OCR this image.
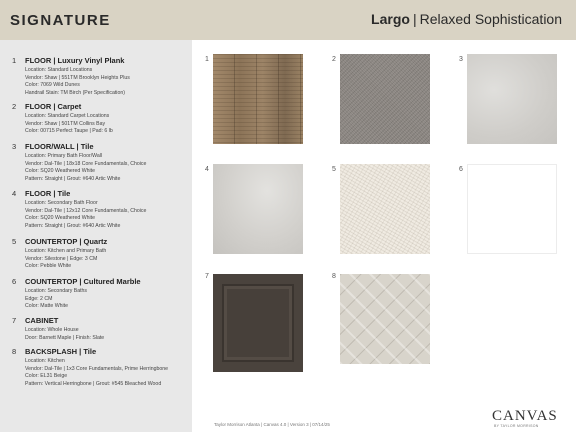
SIGNATURE	Largo | Relaxed Sophistication
1 FLOOR | Luxury Vinyl Plank
Location: Standard Locations
Vendor: Shaw | 551TM Brooklyn Heights Plus
Color: 7069 Wild Dunes
Handrail Stain: TM Birch (Per Specification)
2 FLOOR | Carpet
Location: Standard Carpet Locations
Vendor: Shaw | 501TM Collins Bay
Color: 00715 Perfect Taupe | Pad: 6 lb
3 FLOOR/WALL | Tile
Location: Primary Bath Floor/Wall
Vendor: Dal-Tile | 18x18 Core Fundamentals, Choice
Color: SQ20 Weathered White
Pattern: Straight | Grout: #640 Artic White
4 FLOOR | Tile
Location: Secondary Bath Floor
Vendor: Dal-Tile | 12x12 Core Fundamentals, Choice
Color: SQ20 Weathered White
Pattern: Straight | Grout: #640 Artic White
5 COUNTERTOP | Quartz
Location: Kitchen and Primary Bath
Vendor: Silestone | Edge: 3 CM
Color: Pebble White
6 COUNTERTOP | Cultured Marble
Location: Secondary Baths
Edge: 2 CM
Color: Matte White
7 CABINET
Location: Whole House
Door: Barnett Maple | Finish: Slate
8 BACKSPLASH | Tile
Location: Kitchen
Vendor: Dal-Tile | 1x3 Core Fundamentals, Prime Herringbone
Color: EL31 Beige
Pattern: Vertical Herringbone | Grout: #545 Bleached Wood
1	2	3
4	5	6
7	8
Taylor Morrison Atlanta | Canvas 4.0 | Version 3 | 07/14/25
CANVAS
BY TAYLOR MORRISON
